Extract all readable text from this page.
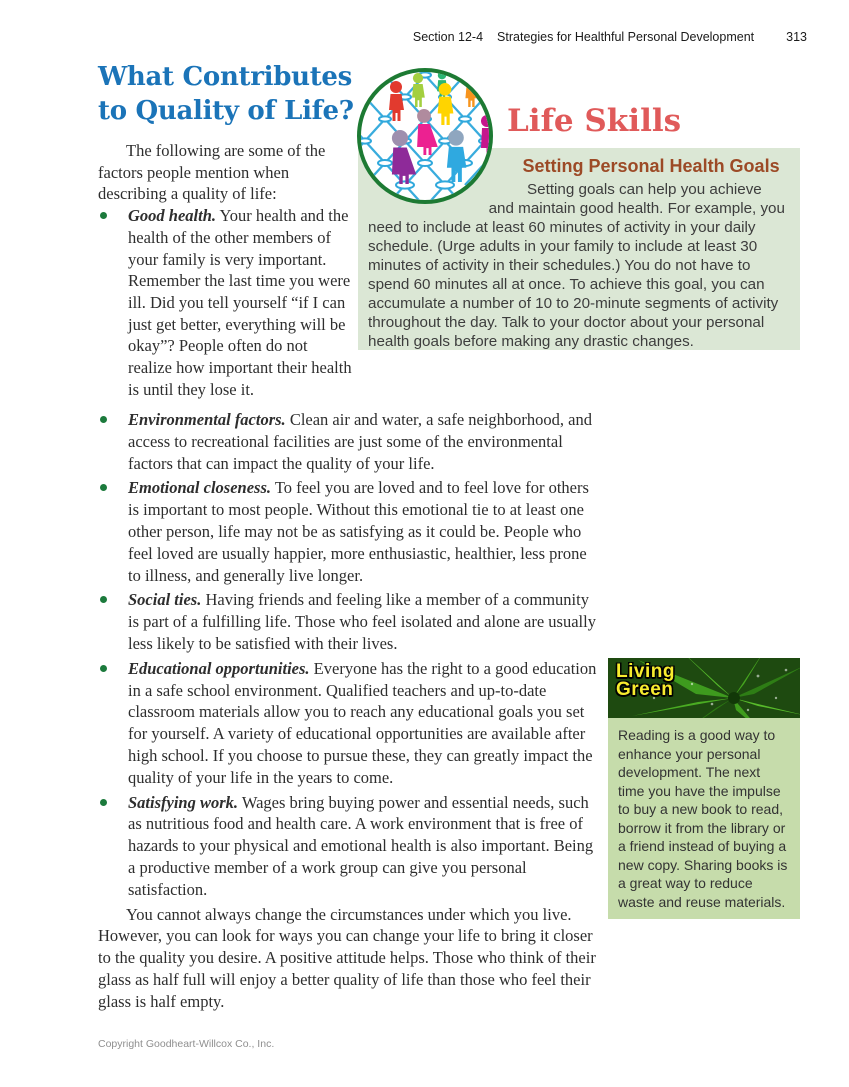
Section 12-4 Strategies for Healthful Personal Development	313
What Contributes
to Quality of Life?

The following are some of the factors people mention when describing a quality of life:

Good health. Your health and the health of the other members of your family is very important. Remember the last time you were ill. Did you tell yourself “if I can just get better, everything will be okay”? People often do not realize how important their health is until they lose it.
Life Skills
Setting Personal Health Goals

Setting goals can help you achieve and maintain good health. For example, you need to include at least 60 minutes of activity in your daily schedule. (Urge adults in your family to include at least 30 minutes of activity in their schedules.) You do not have to spend 60 minutes all at once. To achieve this goal, you can accumulate a number of 10 to 20-minute segments of activity throughout the day. Talk to your doctor about your personal health goals before making any drastic changes.

Environmental factors. Clean air and water, a safe neighborhood, and access to recreational facilities are just some of the environmental factors that can impact the quality of your life.
Emotional closeness. To feel you are loved and to feel love for others is important to most people. Without this emotional tie to at least one other person, life may not be as satisfying as it could be. People who feel loved are usually happier, more enthusiastic, healthier, less prone to illness, and generally live longer.
Social ties. Having friends and feeling like a member of a community is part of a fulfilling life. Those who feel isolated and alone are usually less likely to be satisfied with their lives.
Educational opportunities. Everyone has the right to a good education in a safe school environment. Qualified teachers and up-to-date classroom materials allow you to reach any educational goals you set for yourself. A variety of educational opportunities are available after high school. If you choose to pursue these, they can greatly impact the quality of your life in the years to come.
Satisfying work. Wages bring buying power and essential needs, such as nutritious food and health care. A work environment that is free of hazards to your physical and emotional health is also important. Being a productive member of a work group can give you personal satisfaction.

You cannot always change the circumstances under which you live. However, you can look for ways you can change your life to bring it closer to the quality you desire. A positive attitude helps. Those who think of their glass as half full will enjoy a better quality of life than those who feel their glass is half empty.

Living
Green

Reading is a good way to enhance your personal development. The next time you have the impulse to buy a new book to read, borrow it from the library or a friend instead of buying a new copy. Sharing books is a great way to reduce waste and reuse materials.

Copyright Goodheart-Willcox Co., Inc.
